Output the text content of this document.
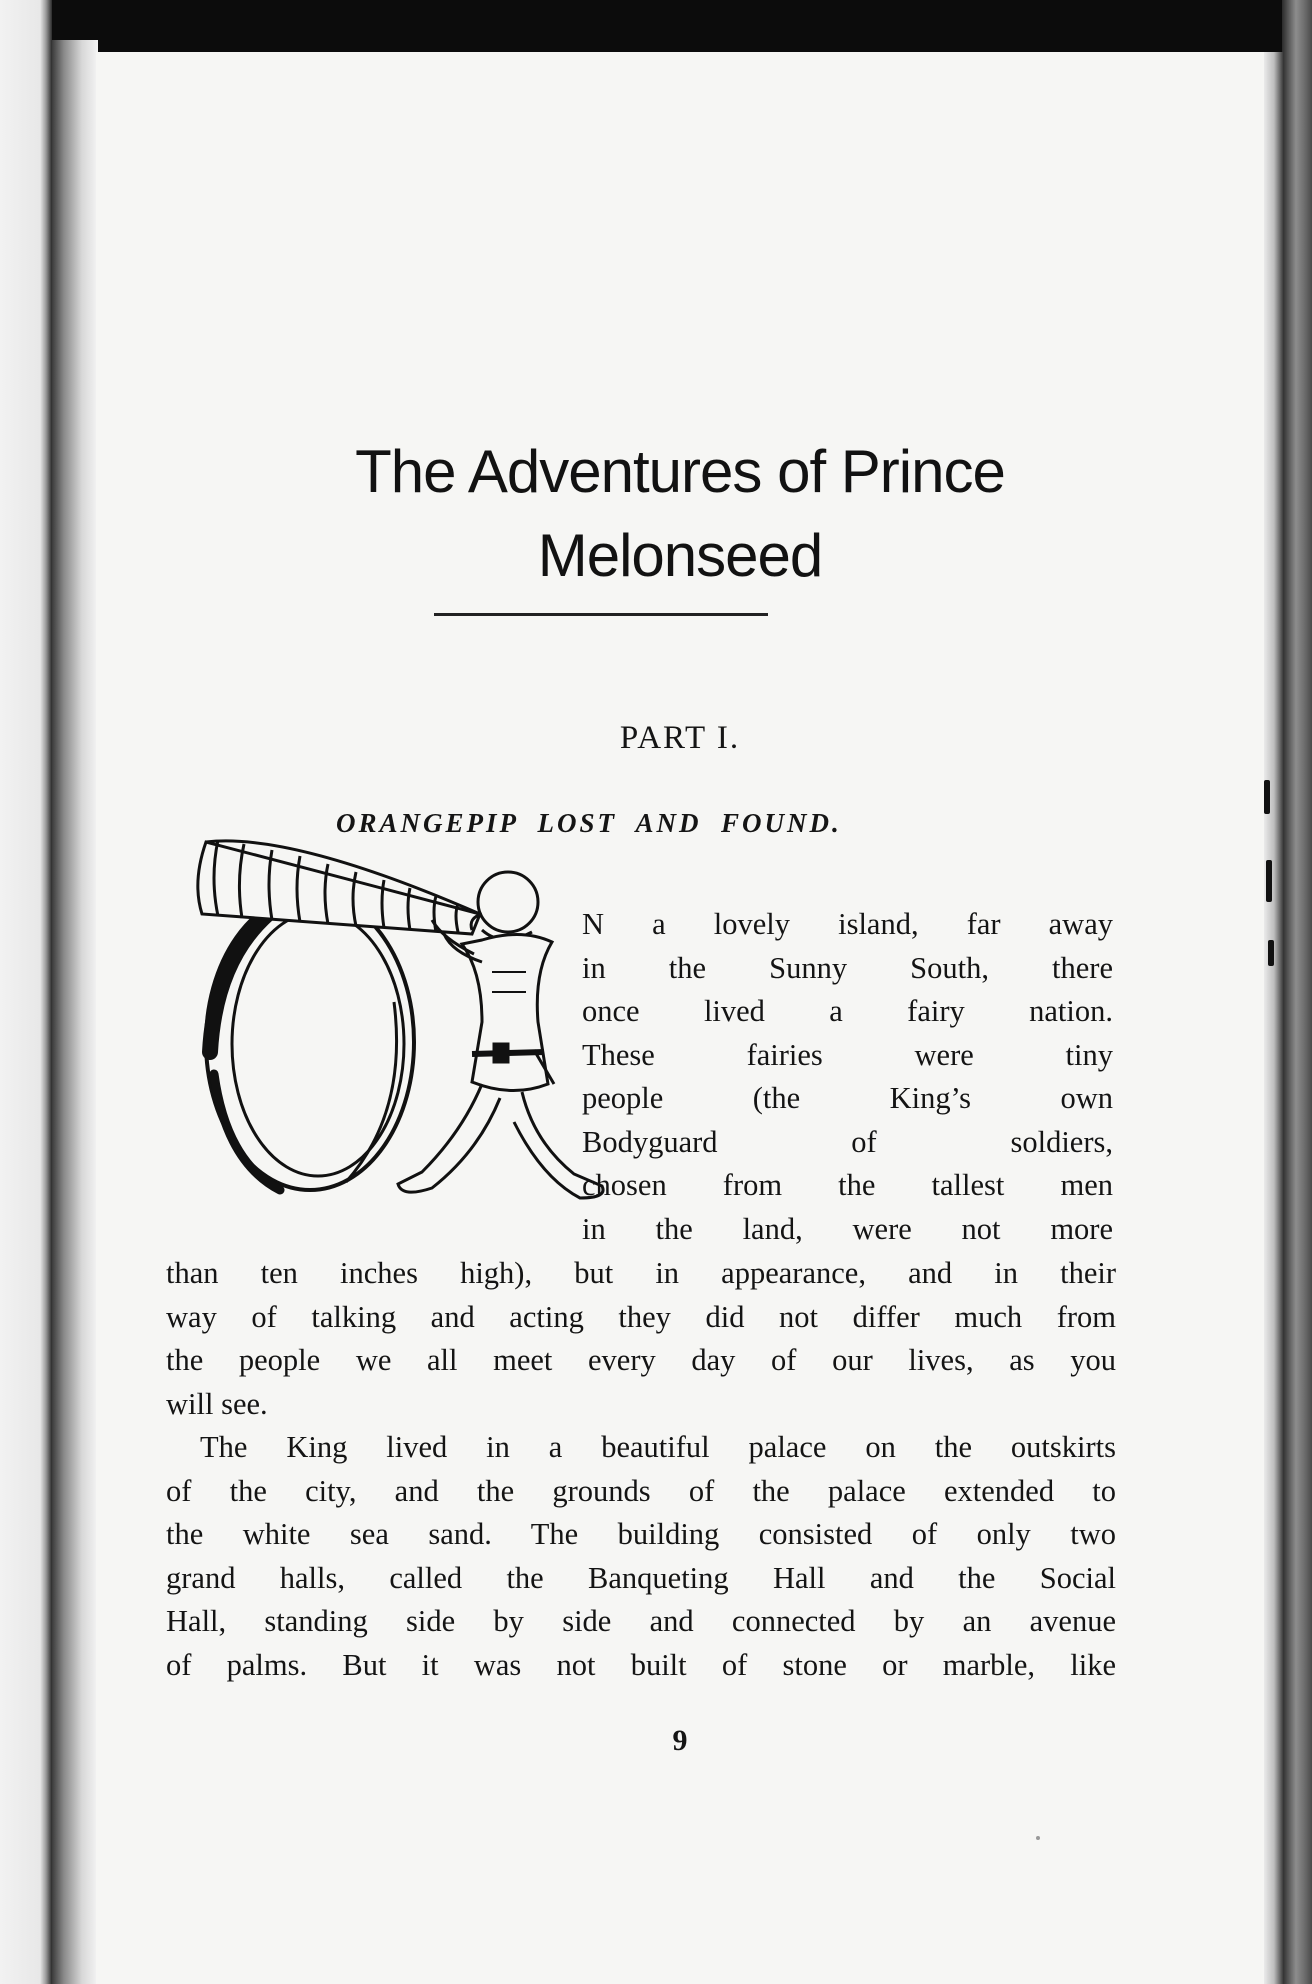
The Adventures of Prince
Melonseed
PART I.
ORANGEPIP  LOST  AND  FOUND.
N a lovely island, far away
in the Sunny South, there
once lived a fairy nation.
These fairies were tiny
people (the King’s own
Bodyguard of soldiers,
chosen from the tallest men
in the land, were not more
than ten inches high), but in appearance, and in their
way of talking and acting they did not differ much from
the people we all meet every day of our lives, as you
will see.
The King lived in a beautiful palace on the outskirts
of the city, and the grounds of the palace extended to
the white sea sand. The building consisted of only two
grand halls, called the Banqueting Hall and the Social
Hall, standing side by side and connected by an avenue
of palms. But it was not built of stone or marble, like
9
